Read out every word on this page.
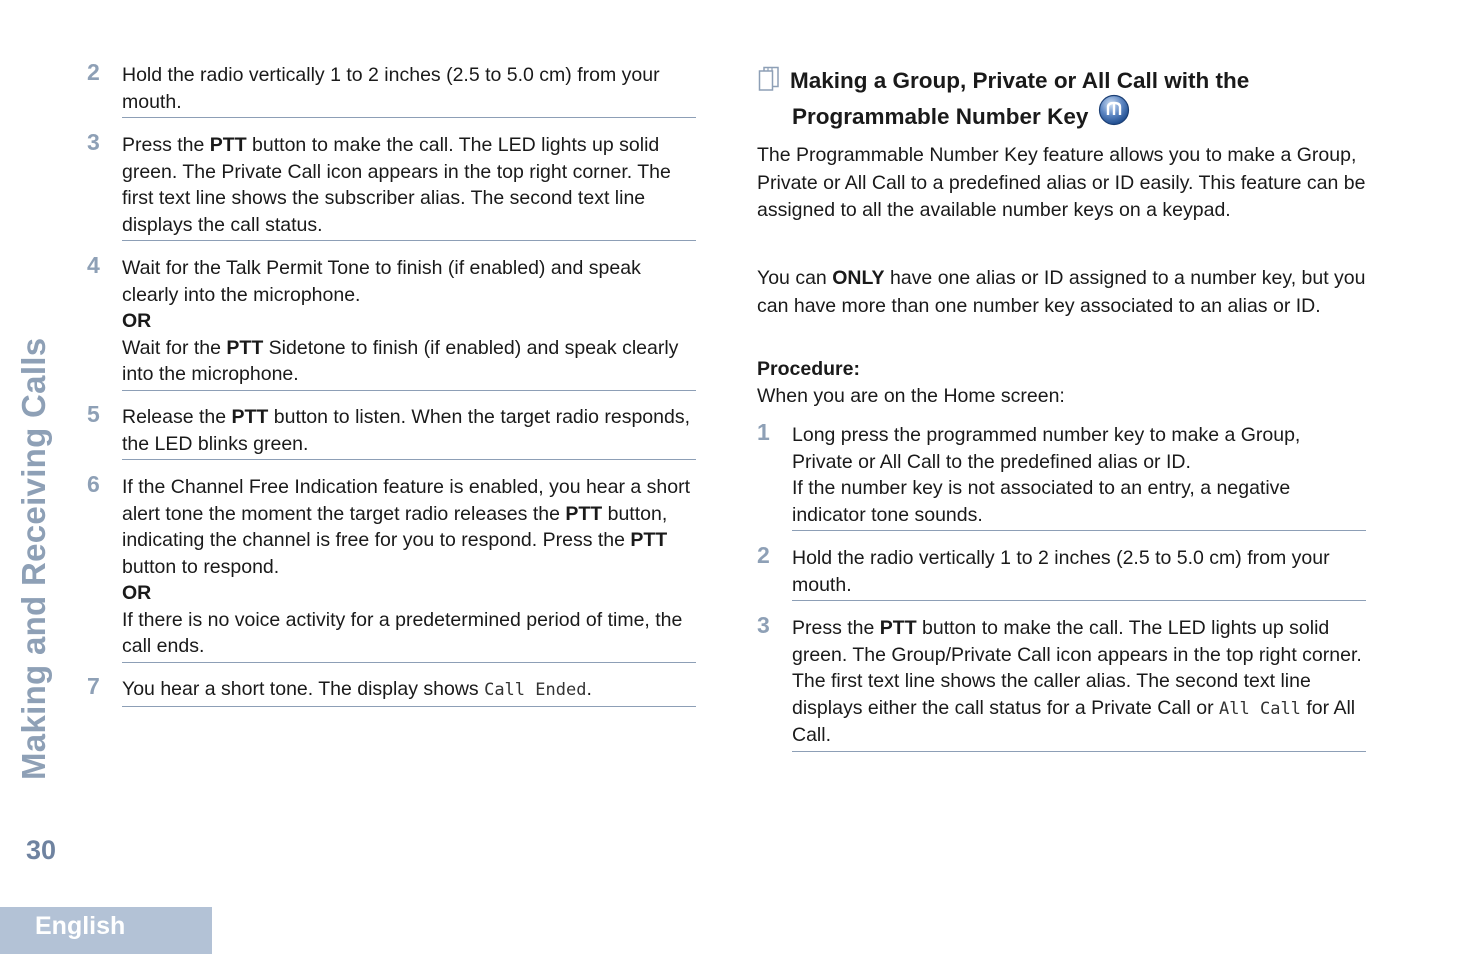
Making and Receiving Calls
30
English
2 Hold the radio vertically 1 to 2 inches (2.5 to 5.0 cm) from your mouth.

3 Press the PTT button to make the call. The LED lights up solid green. The Private Call icon appears in the top right corner. The first text line shows the subscriber alias. The second text line displays the call status.

4 Wait for the Talk Permit Tone to finish (if enabled) and speak clearly into the microphone.

OR

Wait for the PTT Sidetone to finish (if enabled) and speak clearly into the microphone.

5 Release the PTT button to listen. When the target radio responds, the LED blinks green.

6 If the Channel Free Indication feature is enabled, you hear a short alert tone the moment the target radio releases the PTT button, indicating the channel is free for you to respond. Press the PTT button to respond.

OR

If there is no voice activity for a predetermined period of time, the call ends.

7 You hear a short tone. The display shows Call Ended.

Making a Group, Private or All Call with the
Programmable Number Key

The Programmable Number Key feature allows you to make a Group, Private or All Call to a predefined alias or ID easily. This feature can be assigned to all the available number keys on a keypad.

You can ONLY have one alias or ID assigned to a number key, but you can have more than one number key associated to an alias or ID.

Procedure:

When you are on the Home screen:

1 Long press the programmed number key to make a Group, Private or All Call to the predefined alias or ID.

If the number key is not associated to an entry, a negative indicator tone sounds.

2 Hold the radio vertically 1 to 2 inches (2.5 to 5.0 cm) from your mouth.

3 Press the PTT button to make the call. The LED lights up solid green. The Group/Private Call icon appears in the top right corner. The first text line shows the caller alias. The second text line displays either the call status for a Private Call or All Call for All Call.
